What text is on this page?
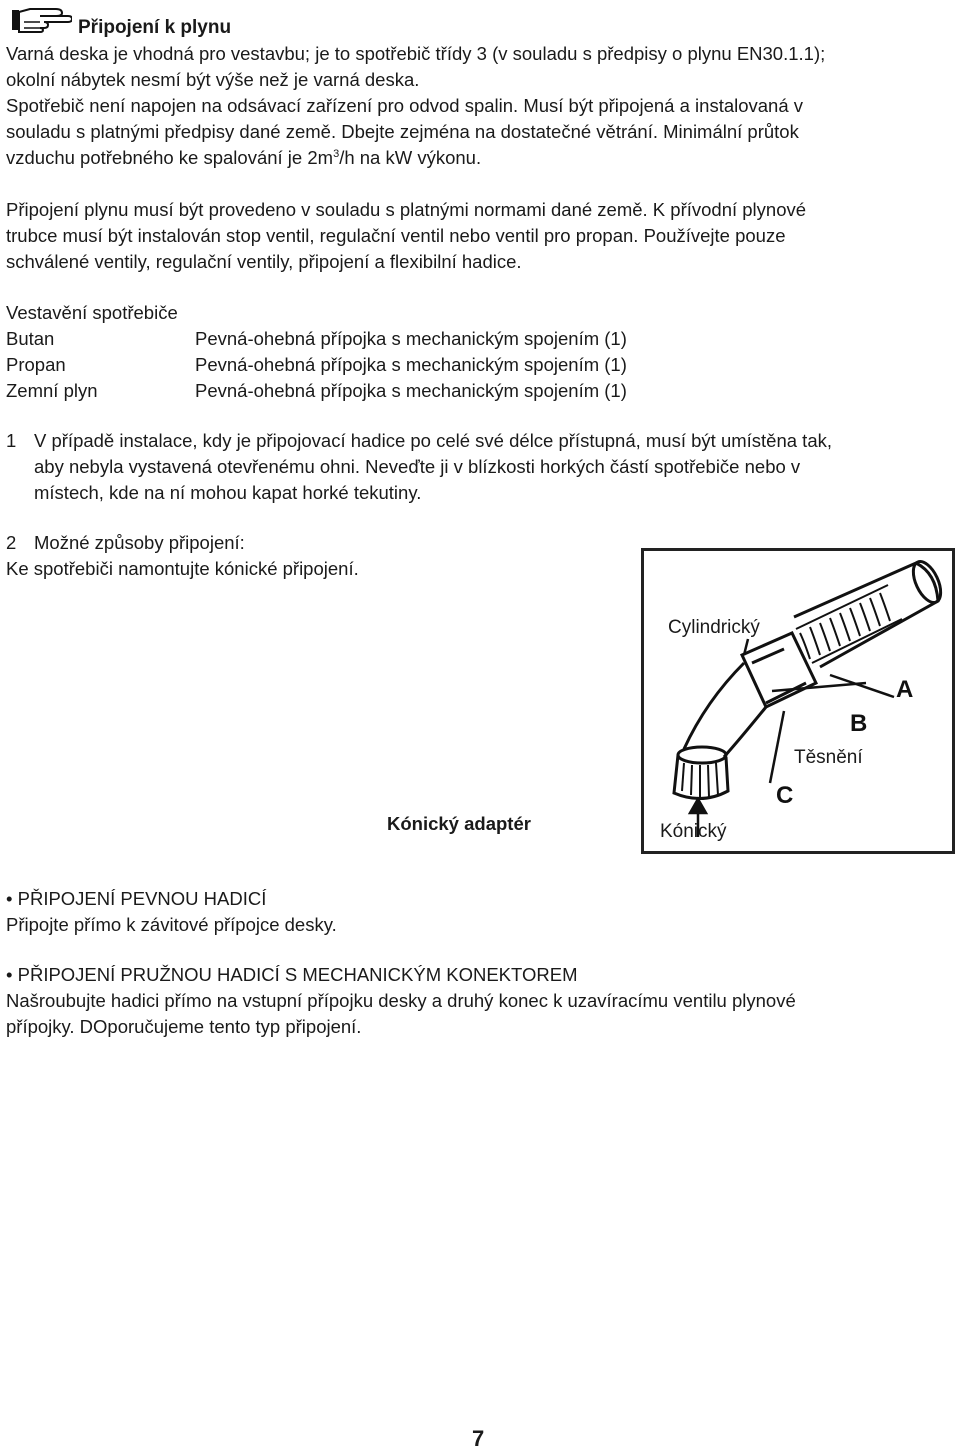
Připojení k plynu
Varná deska je vhodná pro vestavbu; je to spotřebič třídy 3 (v souladu s předpisy o plynu EN30.1.1);
okolní nábytek nesmí být výše než je varná deska.
Spotřebič není napojen na odsávací zařízení pro odvod spalin. Musí být připojená a instalovaná v
souladu s platnými předpisy dané země. Dbejte zejména na dostatečné větrání. Minimální průtok
vzduchu potřebného ke spalování je $2m^3/h$ na kW výkonu.
Připojení plynu musí být provedeno v souladu s platnými normami dané země. K přívodní plynové
trubce musí být instalován stop ventil, regulační ventil nebo ventil pro propan. Používejte pouze
schválené ventily, regulační ventily, připojení a flexibilní hadice.
Vestavění spotřebiče
Butan	Pevná-ohebná přípojka s mechanickým spojením (1)
Propan	Pevná-ohebná přípojka s mechanickým spojením (1)
Zemní plyn	Pevná-ohebná přípojka s mechanickým spojením (1)
1 V případě instalace, kdy je připojovací hadice po celé své délce přístupná, musí být umístěna tak,
aby nebyla vystavená otevřenému ohni. Neveďte ji v blízkosti horkých částí spotřebiče nebo v
místech, kde na ní mohou kapat horké tekutiny.
2 Možné způsoby připojení:
Ke spotřebiči namontujte kónické připojení.
Kónický adaptér
Cylindrický
A
B
Těsnění
C
Kónický
• PŘIPOJENÍ PEVNOU HADICÍ
Připojte přímo k závitové přípojce desky.
• PŘIPOJENÍ PRUŽNOU HADICÍ S MECHANICKÝM KONEKTOREM
Našroubujte hadici přímo na vstupní přípojku desky a druhý konec k uzavíracímu ventilu plynové
přípojky. DOporučujeme tento typ připojení.
7
